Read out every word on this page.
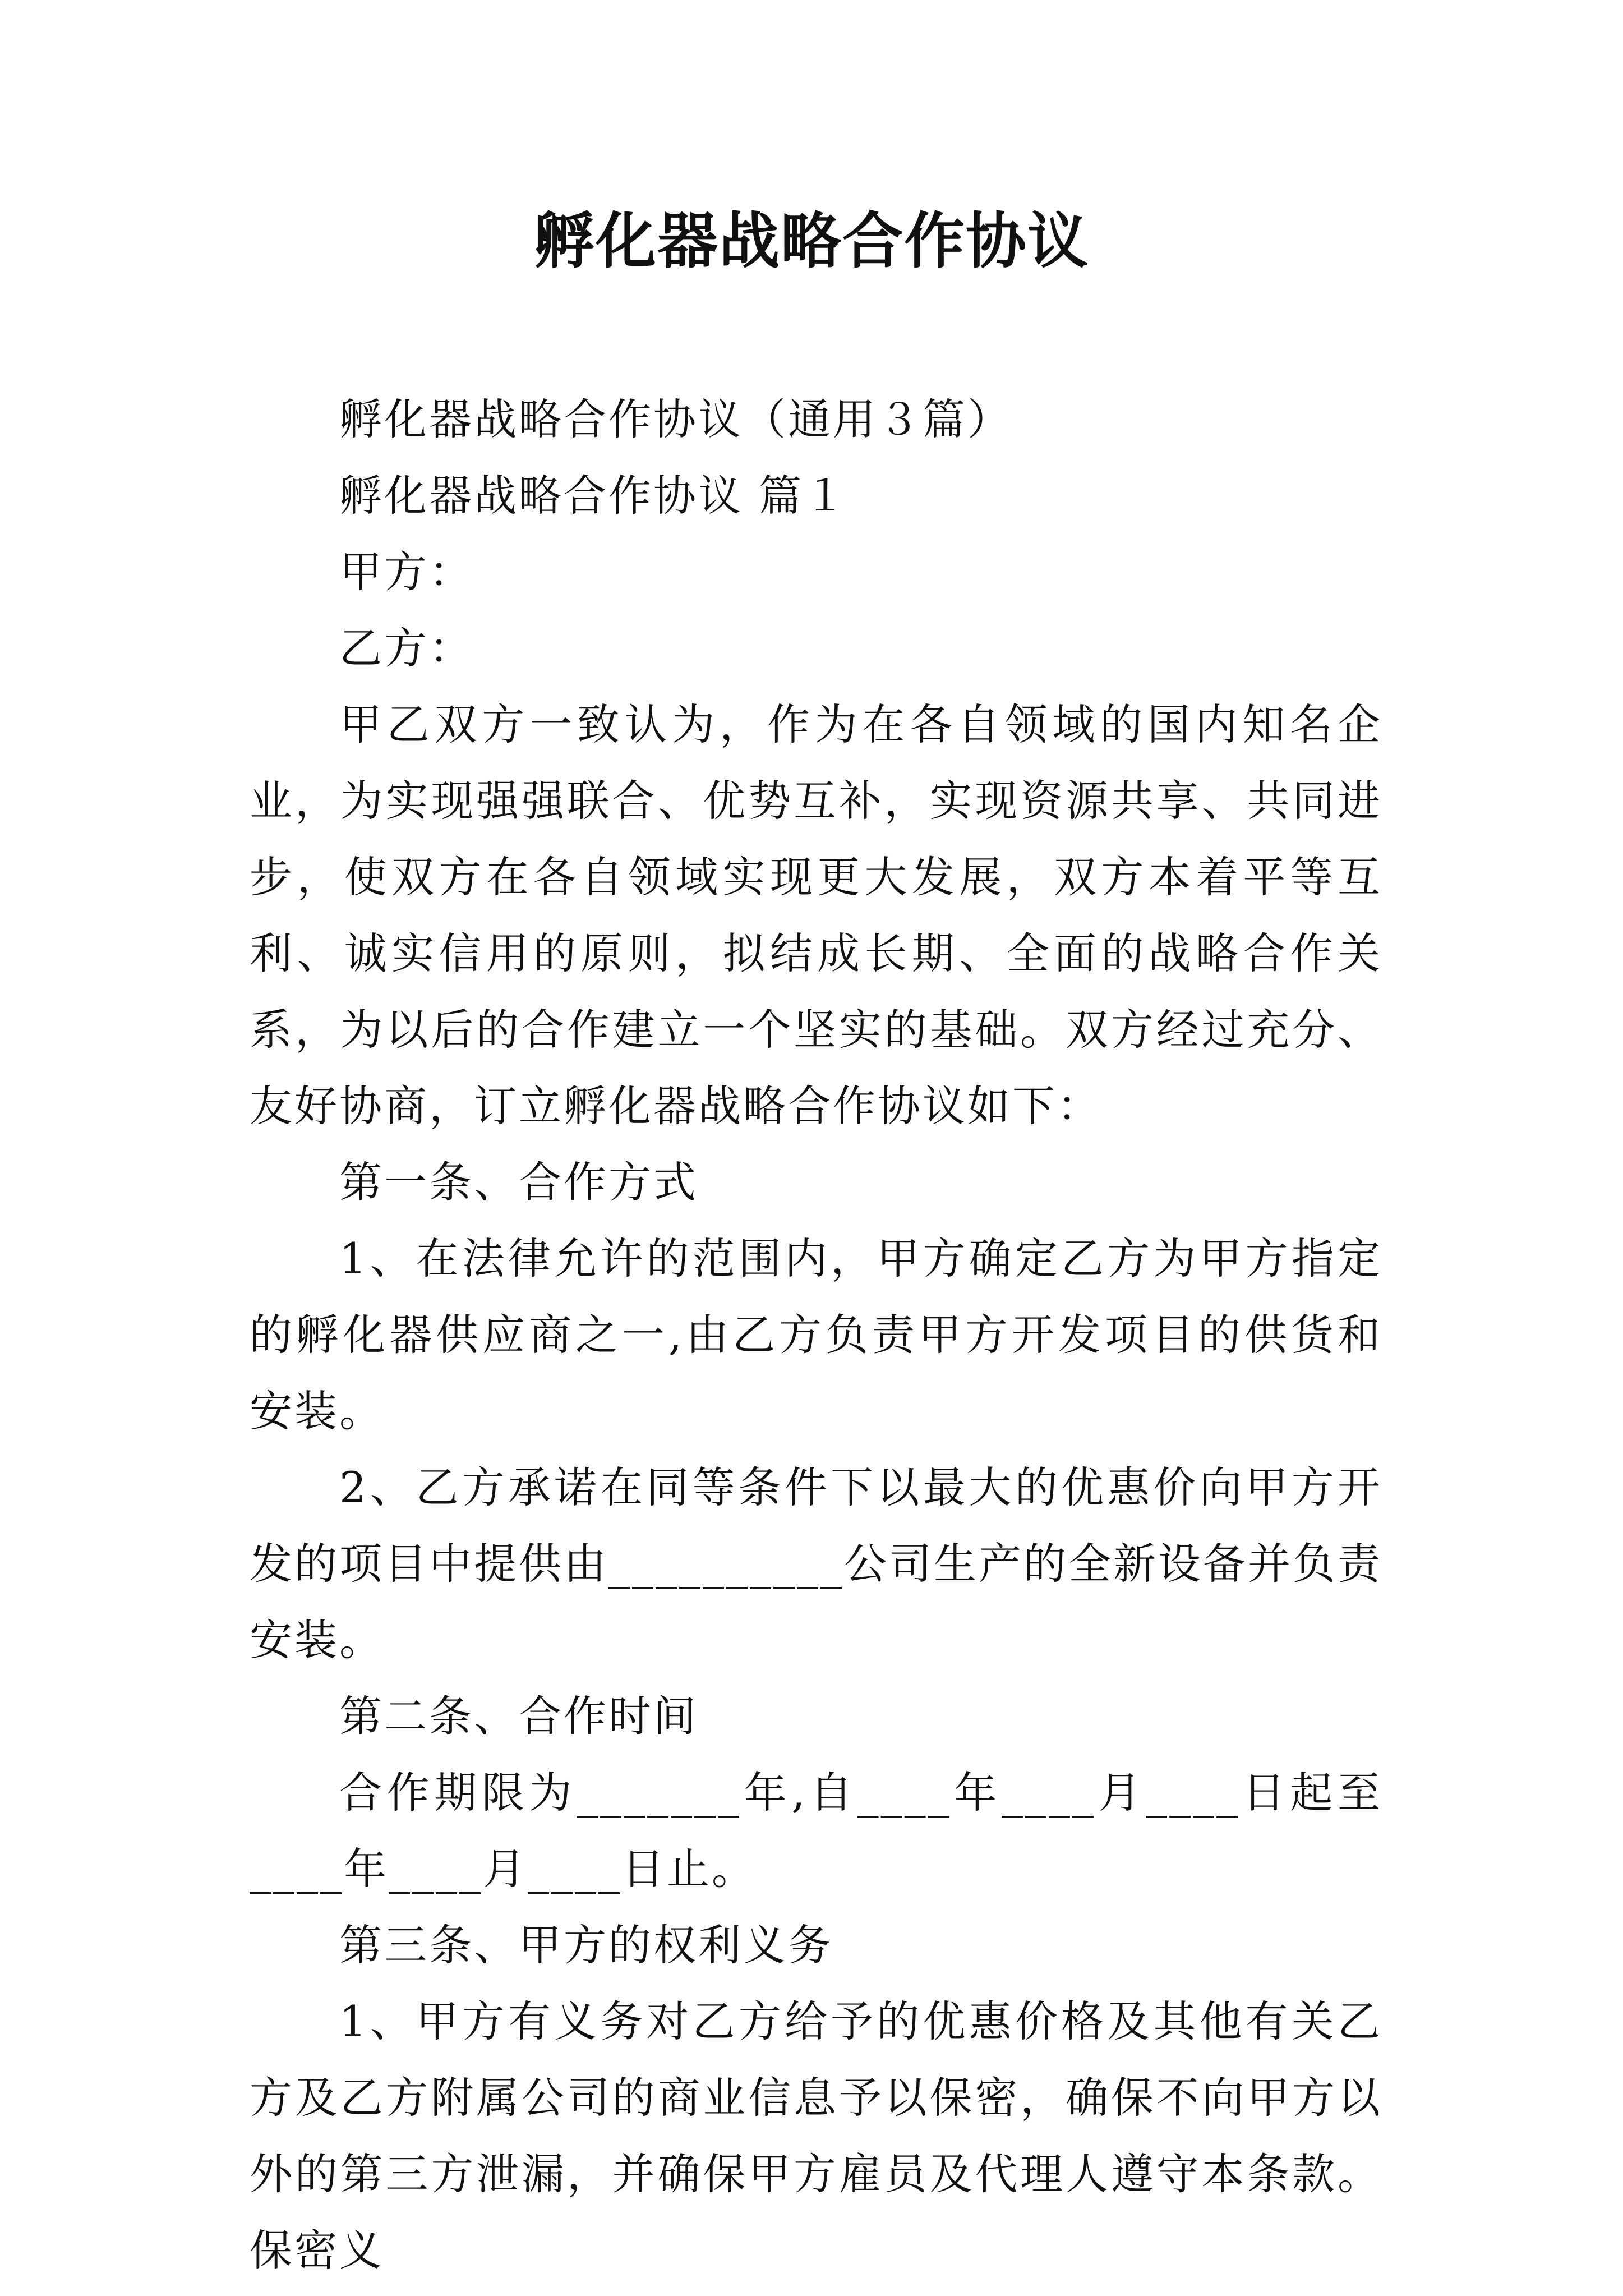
孵化器战略合作协议

孵化器战略合作协议（通用３篇）

孵化器战略合作协议 篇１

甲方：

乙方：

甲乙双方一致认为，作为在各自领域的国内知名企业，为实现强强联合、优势互补，实现资源共享、共同进步，使双方在各自领域实现更大发展，双方本着平等互利、诚实信用的原则，拟结成长期、全面的战略合作关系，为以后的合作建立一个坚实的基础。双方经过充分、友好协商，订立孵化器战略合作协议如下：

第一条、合作方式

1、在法律允许的范围内，甲方确定乙方为甲方指定的孵化器供应商之一,由乙方负责甲方开发项目的供货和安装。

2、乙方承诺在同等条件下以最大的优惠价向甲方开发的项目中提供由__________公司生产的全新设备并负责安装。

第二条、合作时间

合作期限为_______年,自____年____月____日起至____年____月____日止。

第三条、甲方的权利义务

1、甲方有义务对乙方给予的优惠价格及其他有关乙方及乙方附属公司的商业信息予以保密，确保不向甲方以外的第三方泄漏，并确保甲方雇员及代理人遵守本条款。保密义
